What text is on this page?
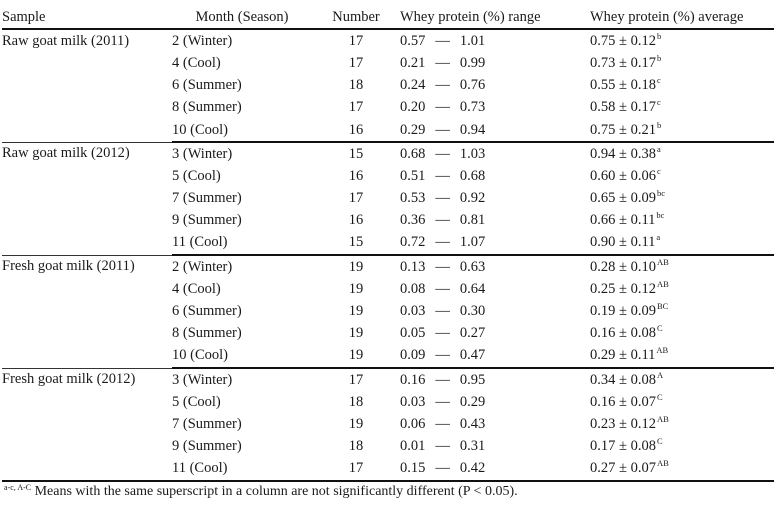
Sample	Month (Season)	Number	Whey protein (%) range	Whey protein (%) average
Raw goat milk (2011)	2 (Winter)	17	0.57 — 1.01	0.75 ± 0.12$^b$
	4 (Cool)	17	0.21 — 0.99	0.73 ± 0.17$^b$
	6 (Summer)	18	0.24 — 0.76	0.55 ± 0.18$^c$
	8 (Summer)	17	0.20 — 0.73	0.58 ± 0.17$^c$
	10 (Cool)	16	0.29 — 0.94	0.75 ± 0.21$^b$
Raw goat milk (2012)	3 (Winter)	15	0.68 — 1.03	0.94 ± 0.38$^a$
	5 (Cool)	16	0.51 — 0.68	0.60 ± 0.06$^c$
	7 (Summer)	17	0.53 — 0.92	0.65 ± 0.09$^{bc}$
	9 (Summer)	16	0.36 — 0.81	0.66 ± 0.11$^{bc}$
	11 (Cool)	15	0.72 — 1.07	0.90 ± 0.11$^a$
Fresh goat milk (2011)	2 (Winter)	19	0.13 — 0.63	$0.28 \pm 0.10^{AB}$
	4 (Cool)	19	0.08 — 0.64	$0.25 \pm 0.12^{AB}$
	6 (Summer)	19	0.03 — 0.30	$0.19 \pm 0.09^{BC}$
	8 (Summer)	19	0.05 — 0.27	$0.16 \pm 0.08^C$
	10 (Cool)	19	0.09 — 0.47	$0.29 \pm 0.11^{AB}$
Fresh goat milk (2012)	3 (Winter)	17	0.16 — 0.95	$0.34 \pm 0.08^A$
	5 (Cool)	18	0.03 — 0.29	$0.16 \pm 0.07^C$
	7 (Summer)	19	0.06 — 0.43	$0.23 \pm 0.12^{AB}$
	9 (Summer)	18	0.01 — 0.31	$0.17 \pm 0.08^C$
	11 (Cool)	17	0.15 — 0.42	$0.27 \pm 0.07^{AB}$
$^{a-c, A-C}$ Means with the same superscript in a column are not significantly different (P < 0.05).
